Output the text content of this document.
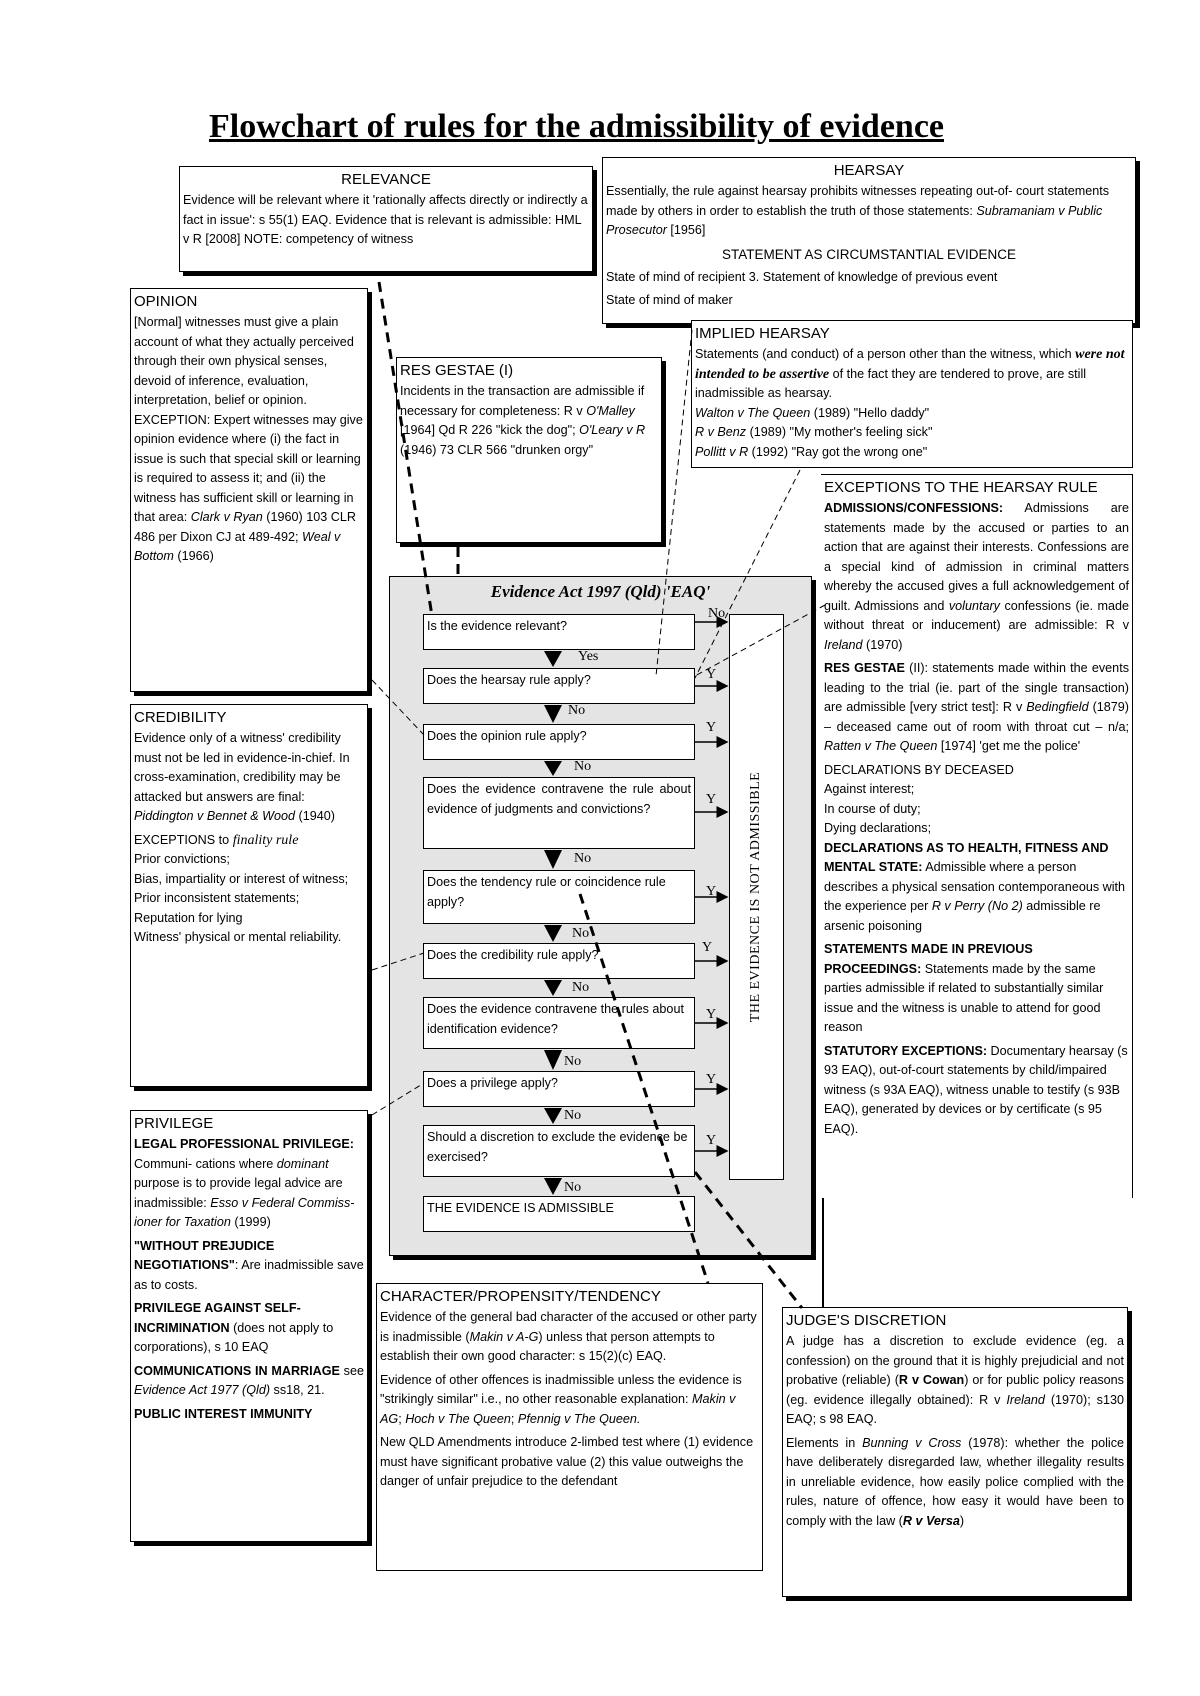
Flowchart of rules for the admissibility of evidence
RELEVANCE
Evidence will be relevant where it 'rationally affects directly or indirectly a fact in issue': s 55(1) EAQ. Evidence that is relevant is admissible: HML v R [2008] NOTE: competency of witness
HEARSAY
Essentially, the rule against hearsay prohibits witnesses repeating out-of- court statements made by others in order to establish the truth of those statements: Subramaniam v Public Prosecutor [1956]
STATEMENT AS CIRCUMSTANTIAL EVIDENCE
State of mind of recipient 3. Statement of knowledge of previous event
State of mind of maker
OPINION
[Normal] witnesses must give a plain account of what they actually perceived through their own physical senses, devoid of inference, evaluation, interpretation, belief or opinion.
EXCEPTION: Expert witnesses may give opinion evidence where (i) the fact in issue is such that special skill or learning is required to assess it; and (ii) the witness has sufficient skill or learning in that area: Clark v Ryan (1960) 103 CLR 486 per Dixon CJ at 489-492; Weal v Bottom (1966)
RES GESTAE (I)
Incidents in the transaction are admissible if necessary for completeness: R v O'Malley [1964] Qd R 226 "kick the dog"; O'Leary v R (1946) 73 CLR 566 "drunken orgy"
IMPLIED HEARSAY
Statements (and conduct) of a person other than the witness, which were not intended to be assertive of the fact they are tendered to prove, are still inadmissible as hearsay.
Walton v The Queen (1989) "Hello daddy"
R v Benz (1989) "My mother's feeling sick"
Pollitt v R (1992) "Ray got the wrong one"
EXCEPTIONS TO THE HEARSAY RULE

ADMISSIONS/CONFESSIONS: Admissions are statements made by the accused or parties to an action that are against their interests. Confessions are a special kind of admission in criminal matters whereby the accused gives a full acknowledgement of guilt. Admissions and voluntary confessions (ie. made without threat or inducement) are admissible: R v Ireland (1970)

RES GESTAE (II): statements made within the events leading to the trial (ie. part of the single transaction) are admissible [very strict test]: R v Bedingfield (1879) – deceased came out of room with throat cut – n/a; Ratten v The Queen [1974] 'get me the police'

DECLARATIONS BY DECEASED
Against interest;
In course of duty;
Dying declarations;

DECLARATIONS AS TO HEALTH, FITNESS AND MENTAL STATE: Admissible where a person describes a physical sensation contemporaneous with the experience per R v Perry (No 2) admissible re arsenic poisoning

STATEMENTS MADE IN PREVIOUS PROCEEDINGS: Statements made by the same parties admissible if related to substantially similar issue and the witness is unable to attend for good reason

STATUTORY EXCEPTIONS: Documentary hearsay (s 93 EAQ), out-of-court statements by child/impaired witness (s 93A EAQ), witness unable to testify (s 93B EAQ), generated by devices or by certificate (s 95 EAQ).

CREDIBILITY

Evidence only of a witness' credibility must not be led in evidence-in-chief. In cross-examination, credibility may be attacked but answers are final: Piddington v Bennet & Wood (1940)

EXCEPTIONS to finality rule
Prior convictions;
Bias, impartiality or interest of witness;
Prior inconsistent statements;
Reputation for lying
Witness' physical or mental reliability.
PRIVILEGE

LEGAL PROFESSIONAL PRIVILEGE: Communi- cations where dominant purpose is to provide legal advice are inadmissible: Esso v Federal Commiss- ioner for Taxation (1999)

"WITHOUT PREJUDICE NEGOTIATIONS": Are inadmissible save as to costs.

PRIVILEGE AGAINST SELF-INCRIMINATION (does not apply to corporations), s 10 EAQ

COMMUNICATIONS IN MARRIAGE see Evidence Act 1977 (Qld) ss18, 21.

PUBLIC INTEREST IMMUNITY
CHARACTER/PROPENSITY/TENDENCY

Evidence of the general bad character of the accused or other party is inadmissible (Makin v A-G) unless that person attempts to establish their own good character: s 15(2)(c) EAQ.

Evidence of other offences is inadmissible unless the evidence is "strikingly similar" i.e., no other reasonable explanation: Makin v AG; Hoch v The Queen; Pfennig v The Queen.

New QLD Amendments introduce 2-limbed test where (1) evidence must have significant probative value (2) this value outweighs the danger of unfair prejudice to the defendant

JUDGE'S DISCRETION

A judge has a discretion to exclude evidence (eg. a confession) on the ground that it is highly prejudicial and not probative (reliable) (R v Cowan) or for public policy reasons (eg. evidence illegally obtained): R v Ireland (1970); s130 EAQ; s 98 EAQ.

Elements in Bunning v Cross (1978): whether the police have deliberately disregarded law, whether illegality results in unreliable evidence, how easily police complied with the rules, nature of offence, how easy it would have been to comply with the law (R v Versa)

Evidence Act 1997 (Qld) 'EAQ'
THE EVIDENCE IS NOT ADMISSIBLE
Is the evidence relevant?
Does the hearsay rule apply?
Does the opinion rule apply?
Does the evidence contravene the rule about evidence of judgments and convictions?
Does the tendency rule or coincidence rule apply?
Does the credibility rule apply?
Does the evidence contravene the rules about identification evidence?
Does a privilege apply?
Should a discretion to exclude the evidence be exercised?
THE EVIDENCE IS ADMISSIBLE
Yes
No
No
No
No
No
No
No
No
No
Y
Y
Y
Y
Y
Y
Y
Y
